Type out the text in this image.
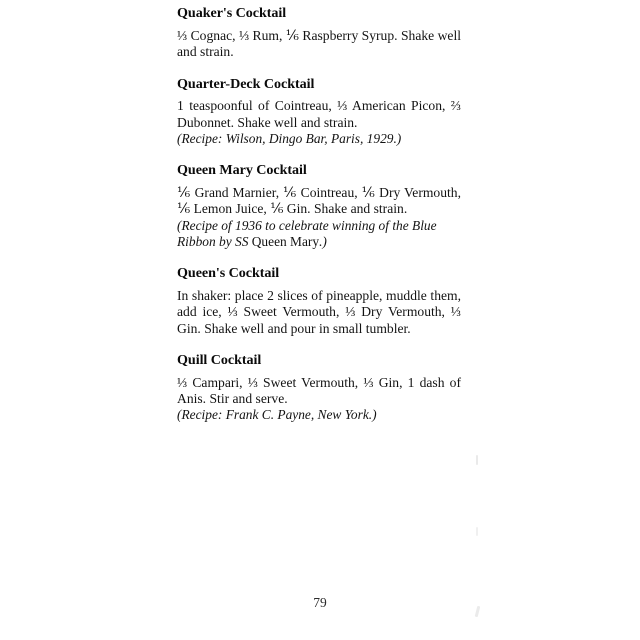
Quaker's Cocktail

⅓ Cognac, ⅓ Rum, ⅙ Raspberry Syrup. Shake well and strain.

Quarter-Deck Cocktail

1 teaspoonful of Cointreau, ⅓ American Picon, ⅔ Dubonnet. Shake well and strain.

(Recipe: Wilson, Dingo Bar, Paris, 1929.)

Queen Mary Cocktail

⅙ Grand Marnier, ⅙ Cointreau, ⅙ Dry Vermouth, ⅙ Lemon Juice, ⅙ Gin. Shake and strain.

(Recipe of 1936 to celebrate winning of the Blue Ribbon by SS Queen Mary.)

Queen's Cocktail

In shaker: place 2 slices of pineapple, muddle them, add ice, ⅓ Sweet Vermouth, ⅓ Dry Vermouth, ⅓ Gin. Shake well and pour in small tumbler.

Quill Cocktail

⅓ Campari, ⅓ Sweet Vermouth, ⅓ Gin, 1 dash of Anis. Stir and serve.

(Recipe: Frank C. Payne, New York.)

79
